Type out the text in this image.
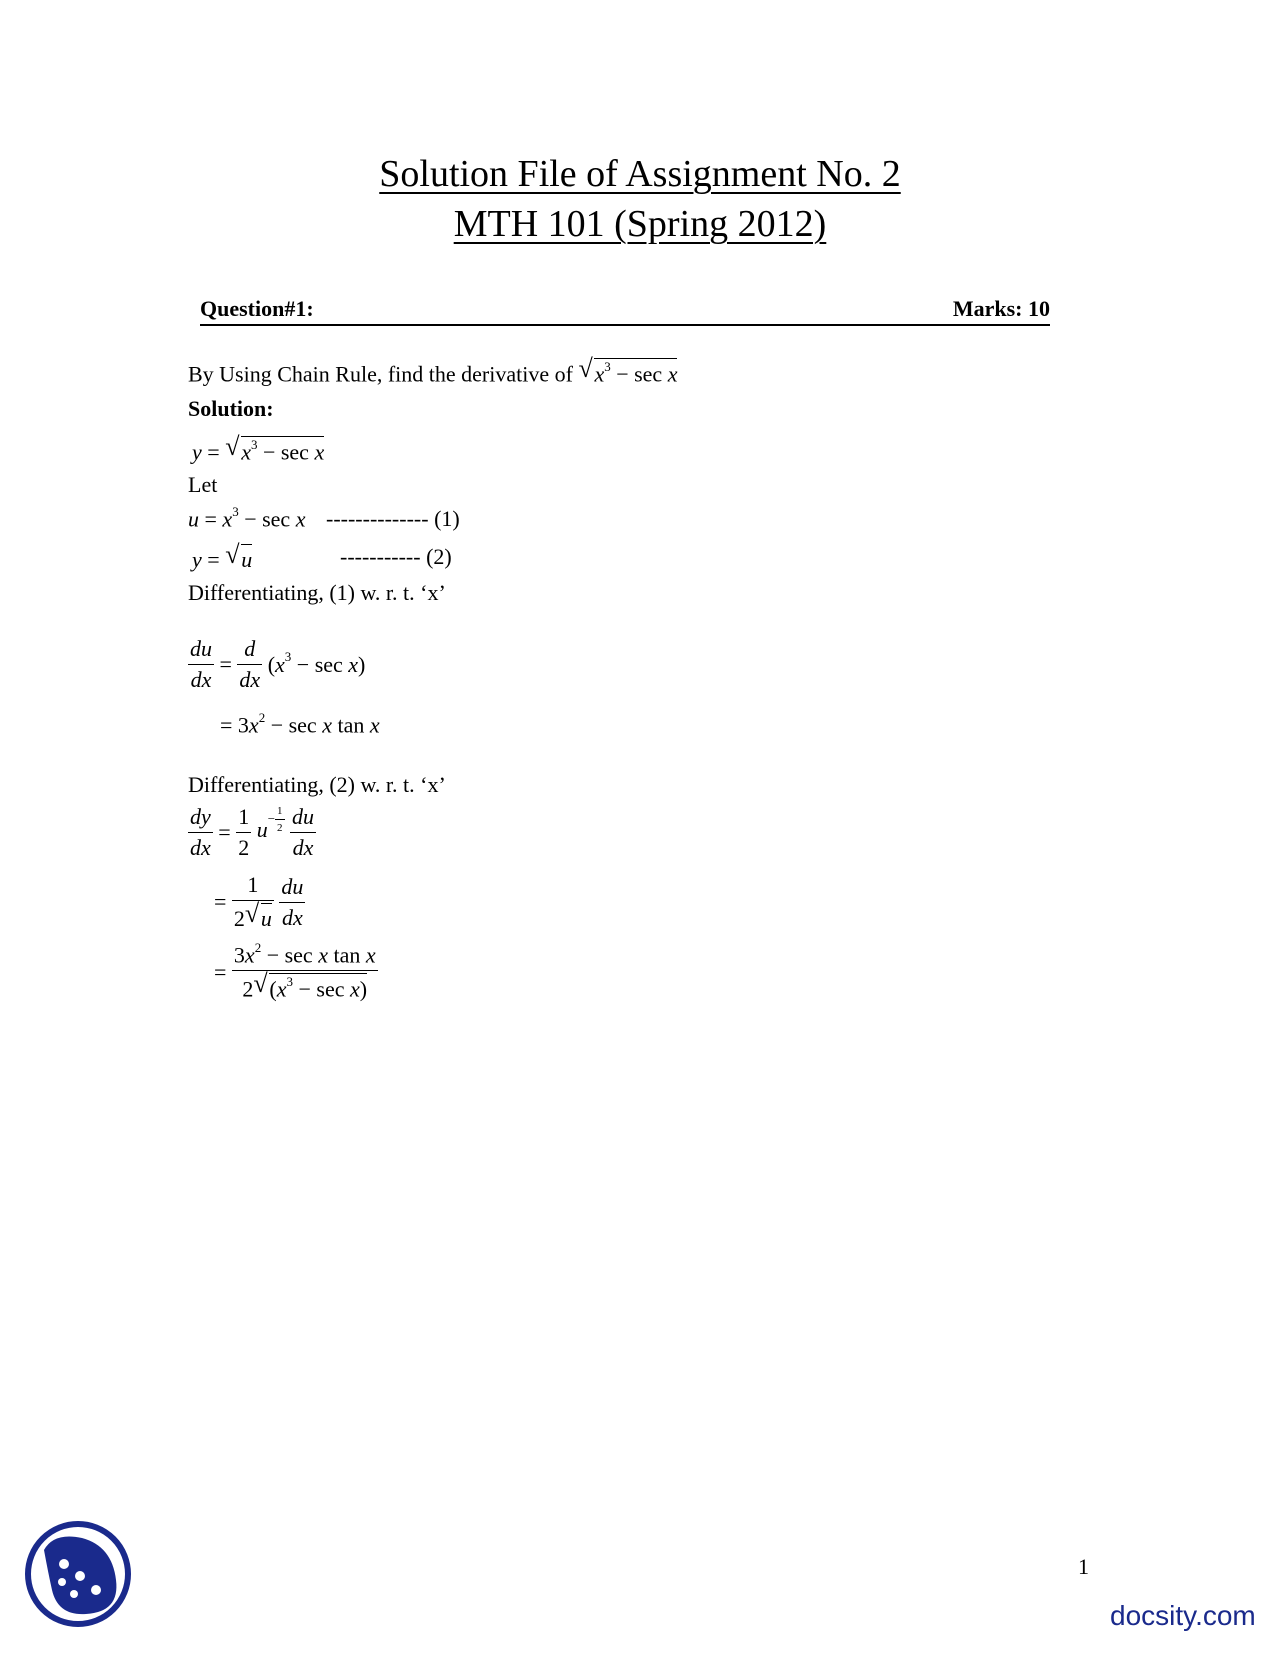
Solution File of Assignment No. 2
MTH 101 (Spring 2012)
Question#1:	Marks: 10
By Using Chain Rule, find the derivative of √ $x^3 - \sec x$
Solution:
y = √ $x^3 - \sec x$
Let
$u = x^3 - \sec x$ -------------- (1)
y = √ u	----------- (2)
Differentiating, (1) w. r. t. ‘x’
$\frac{du}{dx} = \frac{d}{dx} (x^3 - \sec x)$
= $3x^2 - \sec x$ tan x
Differentiating, (2) w. r. t. ‘x’
$\frac{dy}{dx} = \frac{1}{2} u^{- \frac{1}{2}}$
$\frac{du}{dx}$
= $\frac{1}{2 √ u}$
$\frac{du}{dx}$
= $\frac{3x^2 - \sec x \tan x}{2 √ (x^3 - \sec x)}$
1
docsity.com
